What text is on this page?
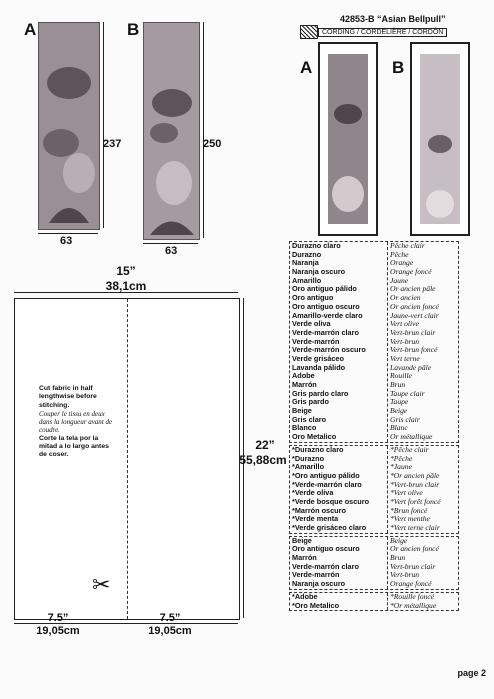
A
237
63
B
250
63
15”
38,1cm
Cut fabric in half lengthwise before stitching.
Couper le tissu en deux dans la longueur avant de coudre.
Corte la tela por la mitad a lo largo antes de coser.
22”
55,88cm
✂
7.5”
19,05cm
7.5”
19,05cm
42853-B “Asian Bellpull”
CORDING / CORDELIÈRE / CORDÓN
A	B
Durazno claro	Pêche clair
Durazno	Pêche
Naranja	Orange
Naranja oscuro	Orange foncé
Amarillo	Jaune
Oro antiguo pálido	Or ancien pâle
Oro antiguo	Or ancien
Oro antiguo oscuro	Or ancien foncé
Amarillo-verde claro	Jaune-vert clair
Verde oliva	Vert olive
Verde-marrón claro	Vert-brun clair
Verde-marrón	Vert-brun
Verde-marrón oscuro	Vert-brun foncé
Verde grisáceo	Vert terne
Lavanda pálido	Lavande pâle
Adobe	Rouille
Marrón	Brun
Gris pardo claro	Taupe clair
Gris pardo	Taupe
Beige	Beige
Gris claro	Gris clair
Blanco	Blanc
Oro Metalico	Or métallique
*Durazno claro	*Pêche clair
*Durazno	*Pêche
*Amarillo	*Jaune
*Oro antiguo pálido	*Or ancien pâle
*Verde-marrón claro	*Vert-brun clair
*Verde oliva	*Vert olive
*Verde bosque oscuro	*Vert forêt foncé
*Marrón oscuro	*Brun foncé
*Verde menta	*Vert menthe
*Verde grisáceo claro	*Vert terne clair
Beige	Beige
Oro antiguo oscuro	Or ancien foncé
Marrón	Brun
Verde-marrón claro	Vert-brun clair
Verde-marrón	Vert-brun
Naranja oscuro	Orange foncé
*Adobe	*Rouille foncé
*Oro Metalico	*Or métallique
page 2
